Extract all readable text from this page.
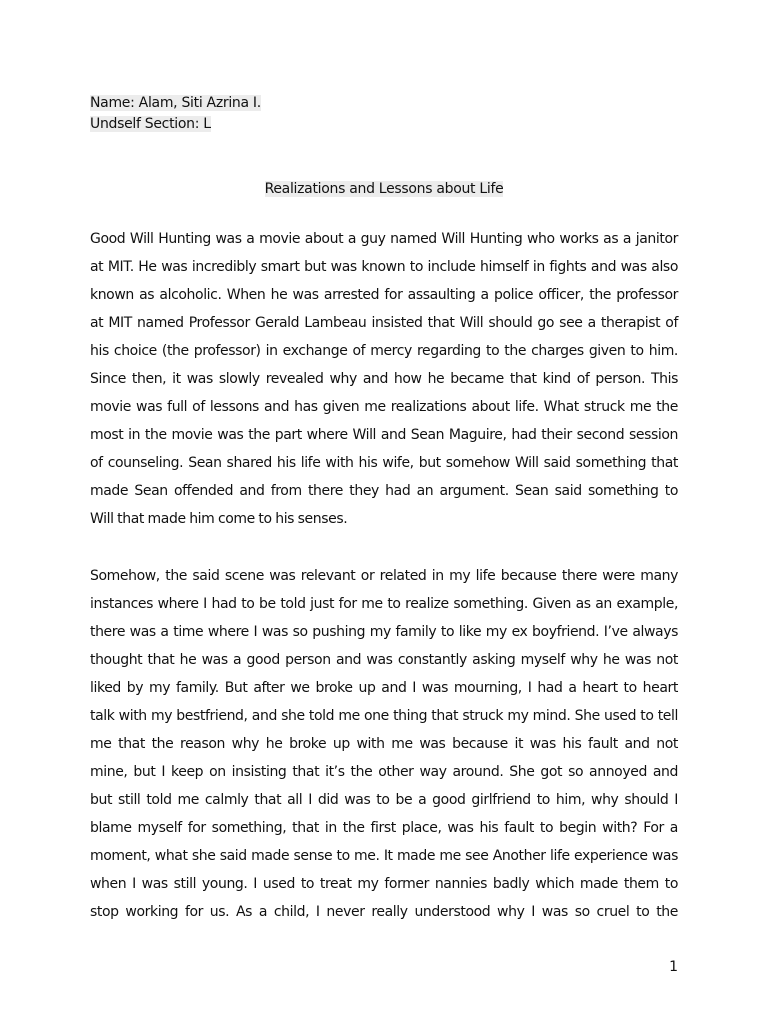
Name: Alam, Siti Azrina I.
Undself Section: L
Realizations and Lessons about Life
Good Will Hunting was a movie about a guy named Will Hunting who works as a janitor
at MIT. He was incredibly smart but was known to include himself in fights and was also
known as alcoholic. When he was arrested for assaulting a police officer, the professor
at MIT named Professor Gerald Lambeau insisted that Will should go see a therapist of
his choice (the professor) in exchange of mercy regarding to the charges given to him.
Since then, it was slowly revealed why and how he became that kind of person. This
movie was full of lessons and has given me realizations about life. What struck me the
most in the movie was the part where Will and Sean Maguire, had their second session
of counseling. Sean shared his life with his wife, but somehow Will said something that
made Sean offended and from there they had an argument. Sean said something to
Will that made him come to his senses.
Somehow, the said scene was relevant or related in my life because there were many
instances where I had to be told just for me to realize something. Given as an example,
there was a time where I was so pushing my family to like my ex boyfriend. I’ve always
thought that he was a good person and was constantly asking myself why he was not
liked by my family. But after we broke up and I was mourning, I had a heart to heart
talk with my bestfriend, and she told me one thing that struck my mind. She used to tell
me that the reason why he broke up with me was because it was his fault and not
mine, but I keep on insisting that it’s the other way around. She got so annoyed and
but still told me calmly that all I did was to be a good girlfriend to him, why should I
blame myself for something, that in the first place, was his fault to begin with? For a
moment, what she said made sense to me. It made me see Another life experience was
when I was still young. I used to treat my former nannies badly which made them to
stop working for us. As a child, I never really understood why I was so cruel to the
1
